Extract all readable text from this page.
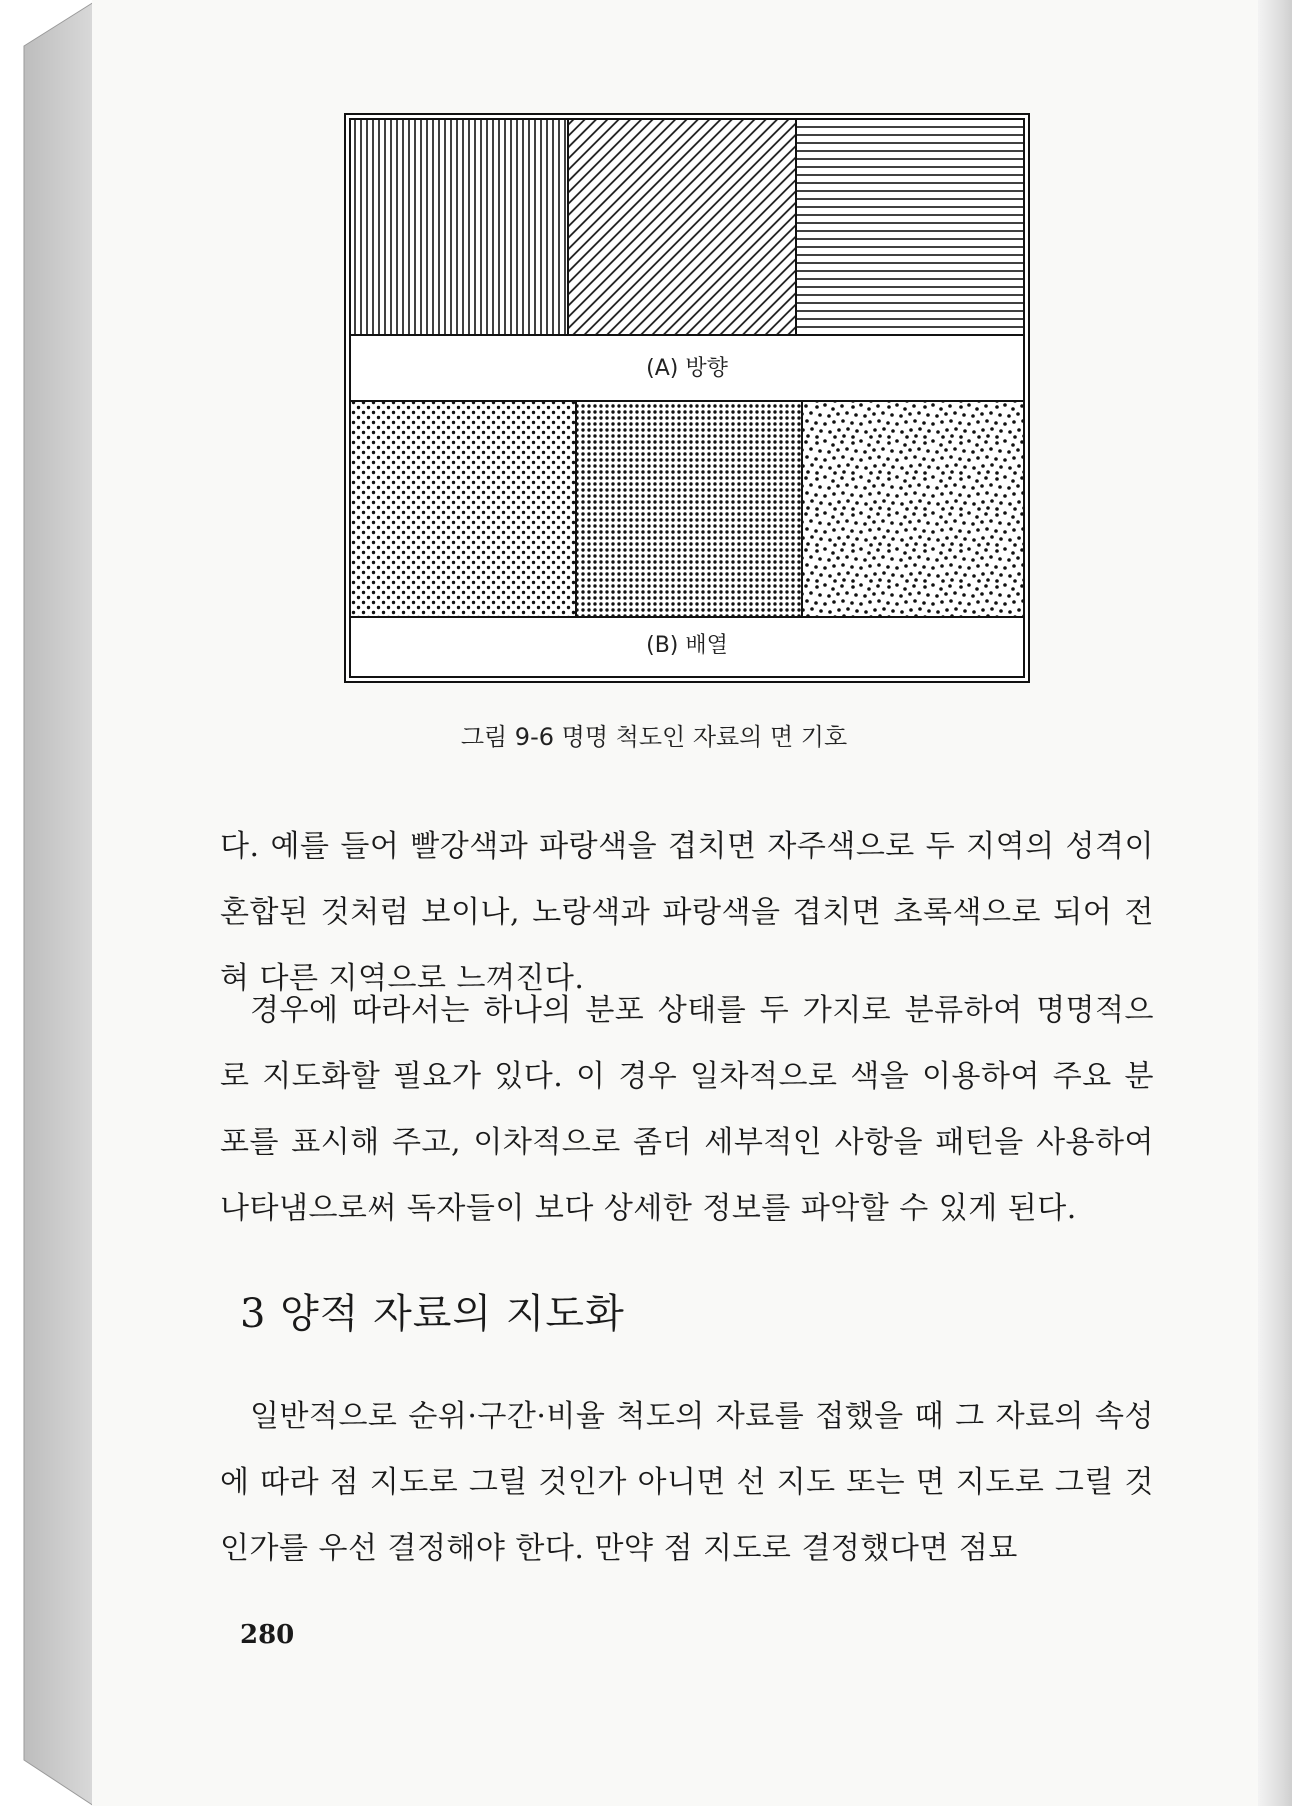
(A) 방향
(B) 배열
그림 9-6 명명 척도인 자료의 면 기호

다. 예를 들어 빨강색과 파랑색을 겹치면 자주색으로 두 지역의 성격이 혼합된 것처럼 보이나, 노랑색과 파랑색을 겹치면 초록색으로 되어 전혀 다른 지역으로 느껴진다.

경우에 따라서는 하나의 분포 상태를 두 가지로 분류하여 명명적으로 지도화할 필요가 있다. 이 경우 일차적으로 색을 이용하여 주요 분포를 표시해 주고, 이차적으로 좀더 세부적인 사항을 패턴을 사용하여 나타냄으로써 독자들이 보다 상세한 정보를 파악할 수 있게 된다.

3 양적 자료의 지도화

일반적으로 순위·구간·비율 척도의 자료를 접했을 때 그 자료의 속성에 따라 점 지도로 그릴 것인가 아니면 선 지도 또는 면 지도로 그릴 것인가를 우선 결정해야 한다. 만약 점 지도로 결정했다면 점묘

280
